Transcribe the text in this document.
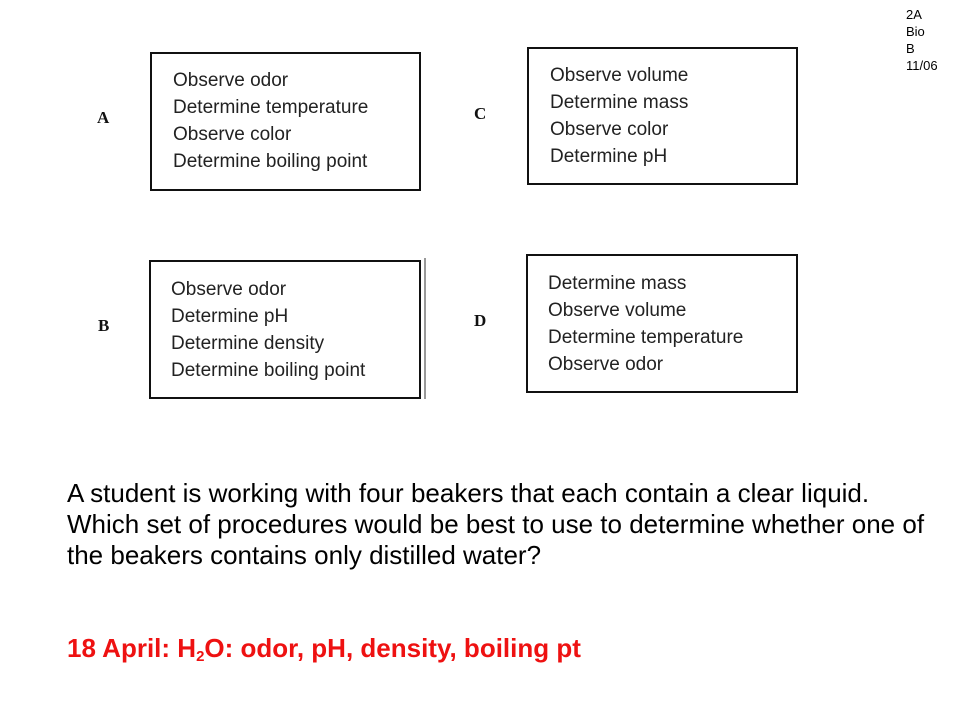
2A
Bio
B
11/06
A
Observe odor
Determine temperature
Observe color
Determine boiling point
B
Observe odor
Determine pH
Determine density
Determine boiling point
C
Observe volume
Determine mass
Observe color
Determine pH
D
Determine mass
Observe volume
Determine temperature
Observe odor
A student is working with four beakers that each contain a clear liquid. Which set of procedures would be best to use to determine whether one of the beakers contains only distilled water?
18 April: $H_2O$: odor, pH, density, boiling pt
